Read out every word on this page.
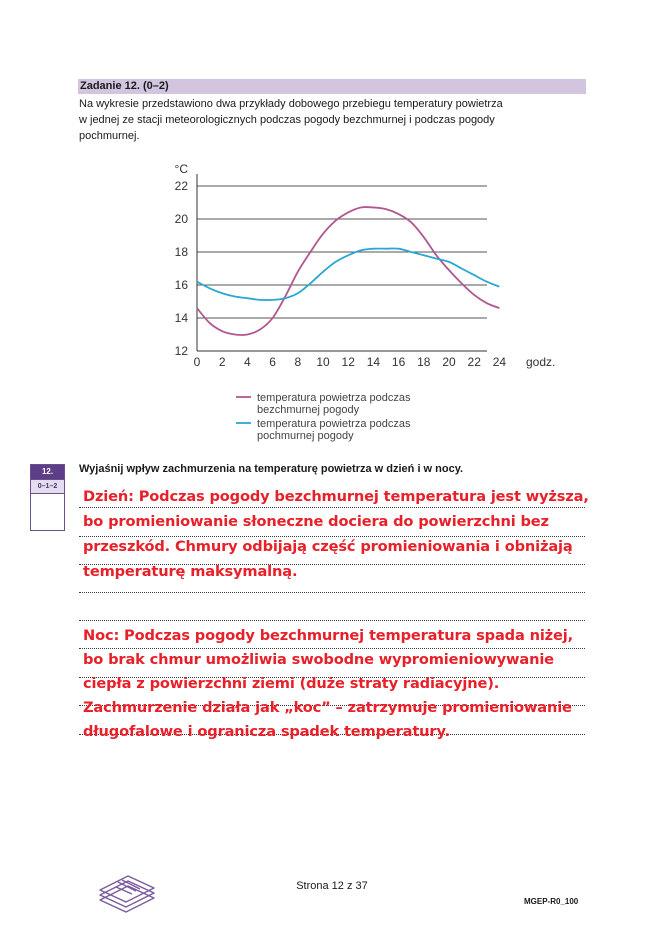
Zadanie 12. (0–2)
Na wykresie przedstawiono dwa przykłady dobowego przebiegu temperatury powietrza
w jednej ze stacji meteorologicznych podczas pogody bezchmurnej i podczas pogody
pochmurnej.
12
14
16
18
20
22
°C
0 2 4 6 8 10 12 14 16 18 20 22 24 godz.
temperatura powietrza podczas
bezchmurnej pogody
temperatura powietrza podczas
pochmurnej pogody
12.
0–1–2
Wyjaśnij wpływ zachmurzenia na temperaturę powietrza w dzień i w nocy.
Dzień: Podczas pogody bezchmurnej temperatura jest wyższa,
bo promieniowanie słoneczne dociera do powierzchni bez
przeszkód. Chmury odbijają część promieniowania i obniżają
temperaturę maksymalną.
Noc: Podczas pogody bezchmurnej temperatura spada niżej,
bo brak chmur umożliwia swobodne wypromieniowywanie
ciepła z powierzchni ziemi (duże straty radiacyjne).
Zachmurzenie działa jak „koc” – zatrzymuje promieniowanie
długofalowe i ogranicza spadek temperatury.
Strona 12 z 37
MGEP-R0_100
